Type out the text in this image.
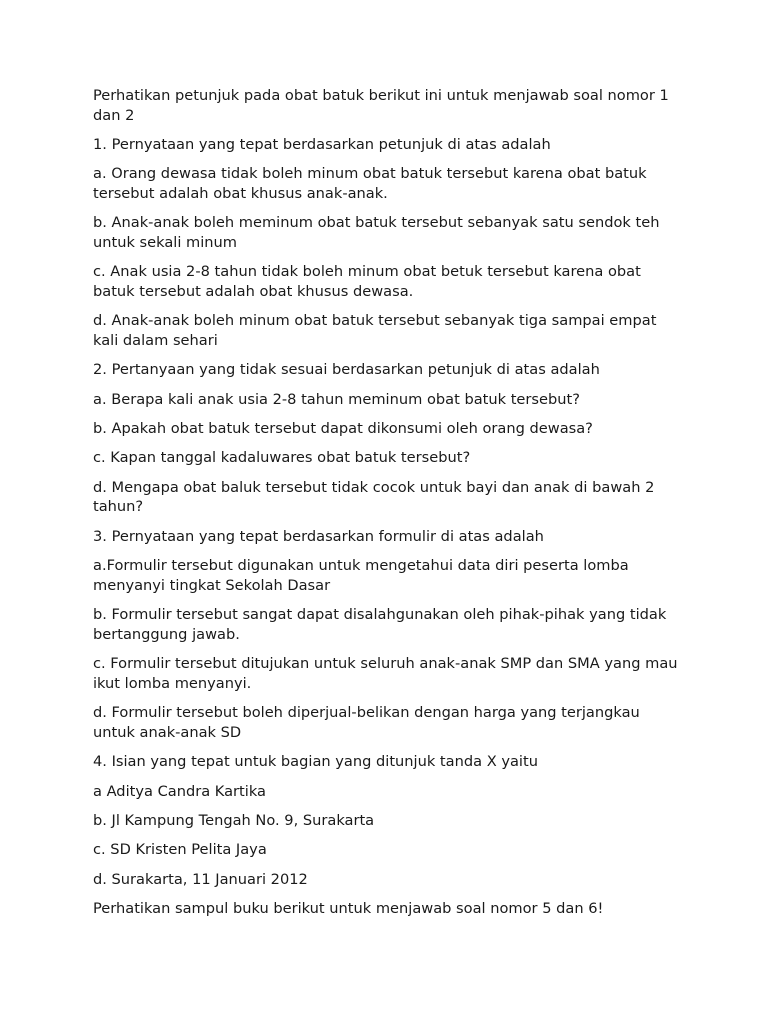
Perhatikan petunjuk pada obat batuk berikut ini untuk menjawab soal nomor 1 dan 2

1. Pernyataan yang tepat berdasarkan petunjuk di atas adalah

a. Orang dewasa tidak boleh minum obat batuk tersebut karena obat batuk tersebut adalah obat khusus anak-anak.

b. Anak-anak boleh meminum obat batuk tersebut sebanyak satu sendok teh untuk sekali minum

c. Anak usia 2-8 tahun tidak boleh minum obat betuk tersebut karena obat batuk tersebut adalah obat khusus dewasa.

d. Anak-anak boleh minum obat batuk tersebut sebanyak tiga sampai empat kali dalam sehari

2. Pertanyaan yang tidak sesuai berdasarkan petunjuk di atas adalah

a. Berapa kali anak usia 2-8 tahun meminum obat batuk tersebut?

b. Apakah obat batuk tersebut dapat dikonsumi oleh orang dewasa?

c. Kapan tanggal kadaluwares obat batuk tersebut?

d. Mengapa obat baluk tersebut tidak cocok untuk bayi dan anak di bawah 2 tahun?

3. Pernyataan yang tepat berdasarkan formulir di atas adalah

a.Formulir tersebut digunakan untuk mengetahui data diri peserta lomba menyanyi tingkat Sekolah Dasar

b. Formulir tersebut sangat dapat disalahgunakan oleh pihak-pihak yang tidak bertanggung jawab.

c. Formulir tersebut ditujukan untuk seluruh anak-anak SMP dan SMA yang mau ikut lomba menyanyi.

d. Formulir tersebut boleh diperjual-belikan dengan harga yang terjangkau untuk anak-anak SD

4. Isian yang tepat untuk bagian yang ditunjuk tanda X yaitu

a Aditya Candra Kartika

b. Jl Kampung Tengah No. 9, Surakarta

c. SD Kristen Pelita Jaya

d. Surakarta, 11 Januari 2012

Perhatikan sampul buku berikut untuk menjawab soal nomor 5 dan 6!
